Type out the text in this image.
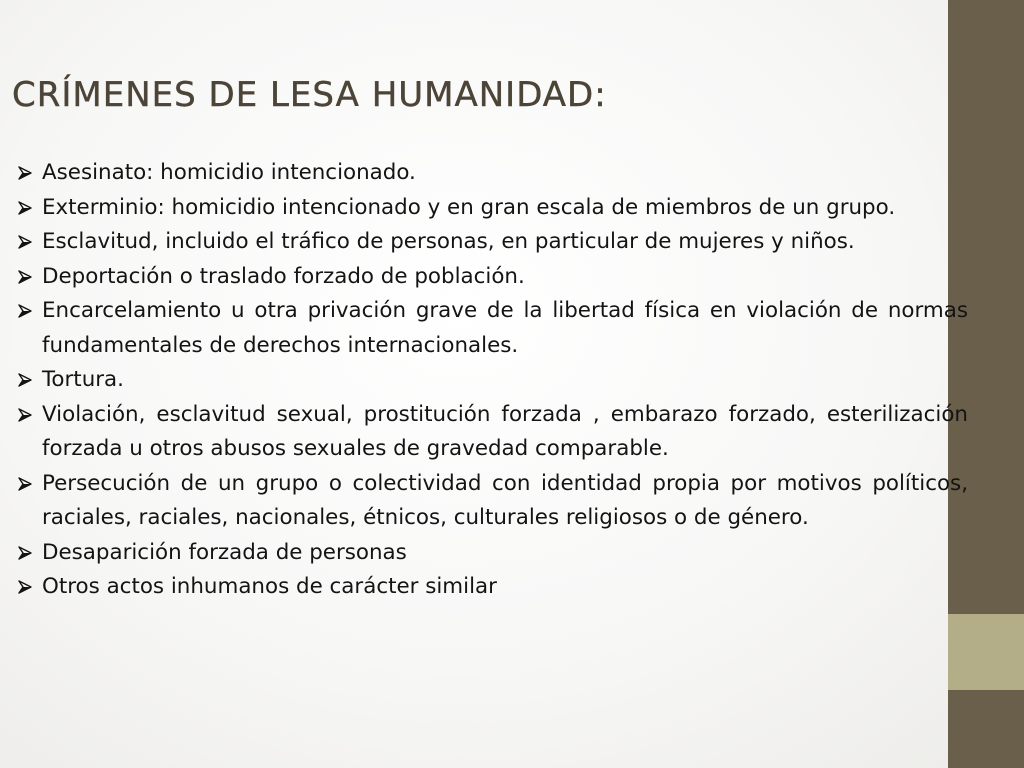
CRÍMENES DE LESA HUMANIDAD:
Asesinato: homicidio intencionado.
Exterminio: homicidio intencionado y en gran escala de miembros de un grupo.
Esclavitud, incluido el tráfico de personas, en particular de mujeres y niños.
Deportación o traslado forzado de población.
Encarcelamiento u otra privación grave de la libertad física en violación de normas fundamentales de derechos internacionales.
Tortura.
Violación, esclavitud sexual, prostitución forzada , embarazo forzado, esterilización forzada u otros abusos sexuales de gravedad comparable.
Persecución de un grupo o colectividad con identidad propia por motivos políticos, raciales, raciales, nacionales, étnicos, culturales religiosos o de género.
Desaparición forzada de personas
Otros actos inhumanos de carácter similar
